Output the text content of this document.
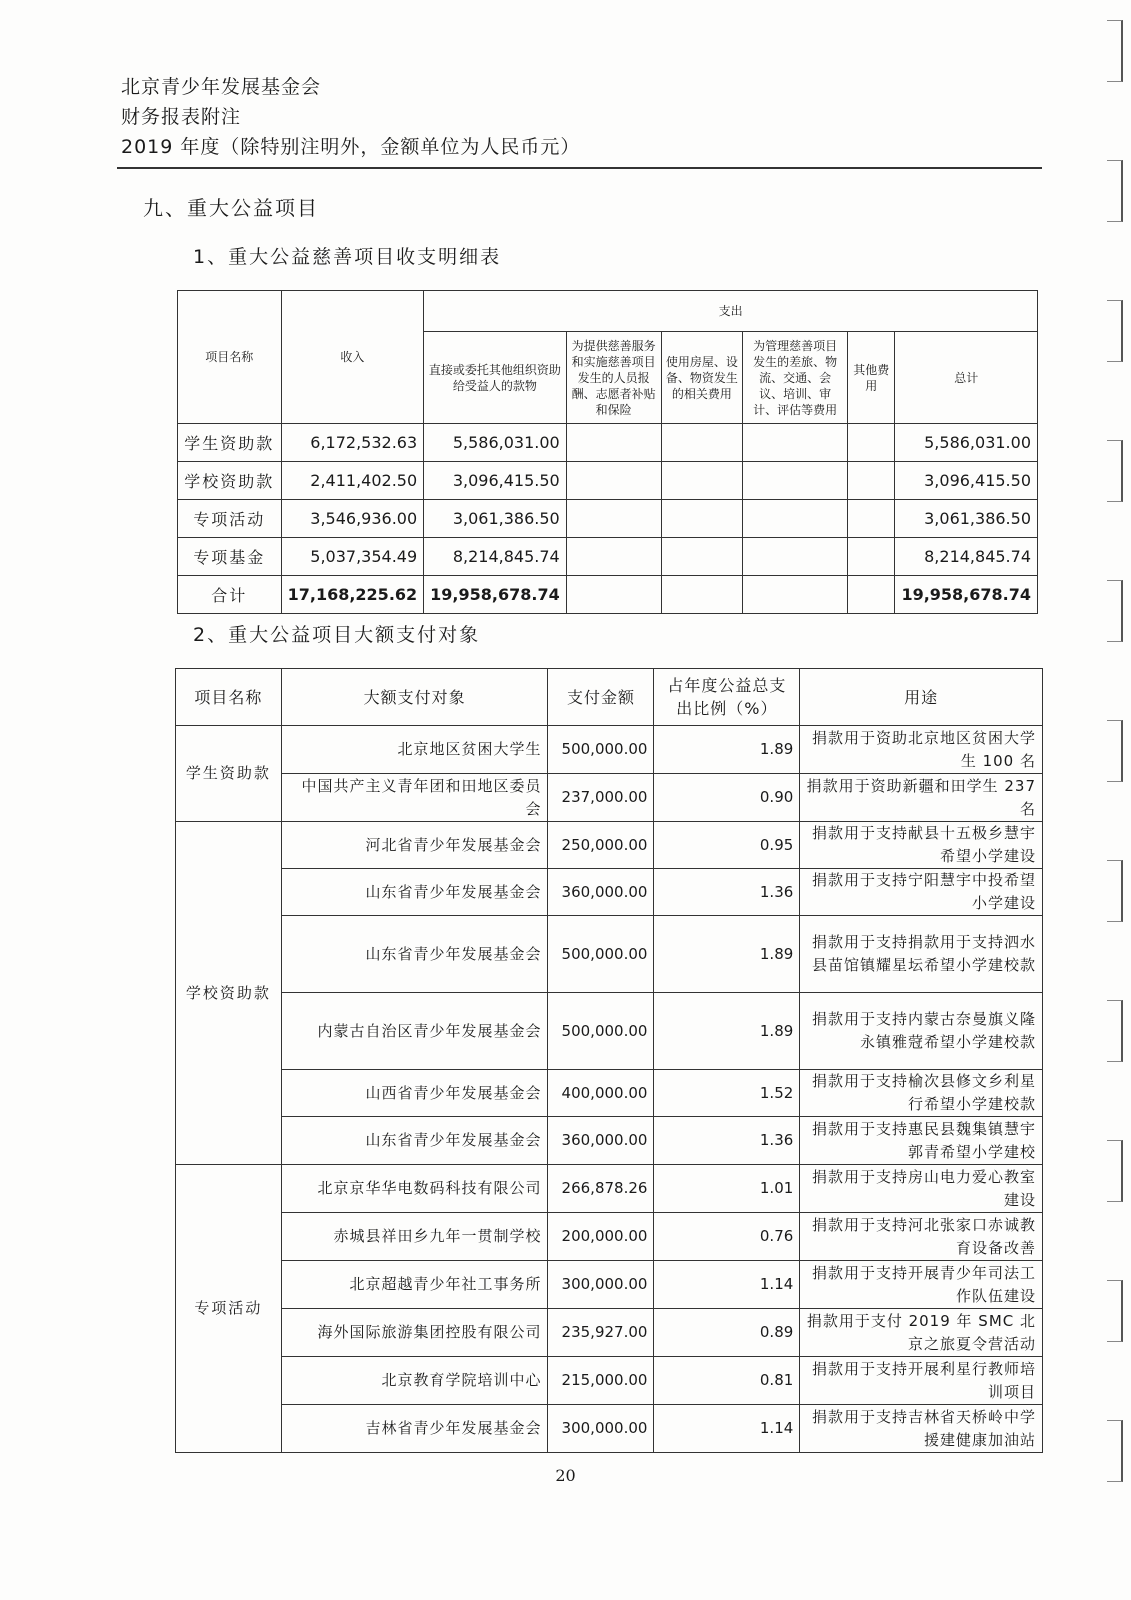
北京青少年发展基金会
财务报表附注
2019 年度（除特别注明外，金额单位为人民币元）
九、重大公益项目
1、重大公益慈善项目收支明细表
项目名称	收入	支出					
		直接或委托其他组织资助给受益人的款物	为提供慈善服务和实施慈善项目发生的人员报酬、志愿者补贴和保险	使用房屋、设备、物资发生的相关费用	为管理慈善项目发生的差旅、物流、交通、会议、培训、审计、评估等费用	其他费用	总计
学生资助款	6,172,532.63	5,586,031.00					5,586,031.00
学校资助款	2,411,402.50	3,096,415.50					3,096,415.50
专项活动	3,546,936.00	3,061,386.50					3,061,386.50
专项基金	5,037,354.49	8,214,845.74					8,214,845.74
合计	17,168,225.62	19,958,678.74					19,958,678.74
2、重大公益项目大额支付对象
项目名称	大额支付对象	支付金额	占年度公益总支出比例（%）	用途
学生资助款	北京地区贫困大学生	500,000.00	1.89	捐款用于资助北京地区贫困大学生 100 名
	中国共产主义青年团和田地区委员会	237,000.00	0.90	捐款用于资助新疆和田学生 237 名
学校资助款	河北省青少年发展基金会	250,000.00	0.95	捐款用于支持献县十五极乡慧宇希望小学建设
	山东省青少年发展基金会	360,000.00	1.36	捐款用于支持宁阳慧宇中投希望小学建设
	山东省青少年发展基金会	500,000.00	1.89	捐款用于支持捐款用于支持泗水县苗馆镇耀星坛希望小学建校款
	内蒙古自治区青少年发展基金会	500,000.00	1.89	捐款用于支持内蒙古奈曼旗义隆永镇雅蒄希望小学建校款
	山西省青少年发展基金会	400,000.00	1.52	捐款用于支持榆次县修文乡利星行希望小学建校款
	山东省青少年发展基金会	360,000.00	1.36	捐款用于支持惠民县魏集镇慧宇郭青希望小学建校
专项活动	北京京华华电数码科技有限公司	266,878.26	1.01	捐款用于支持房山电力爱心教室建设
	赤城县祥田乡九年一贯制学校	200,000.00	0.76	捐款用于支持河北张家口赤诚教育设备改善
	北京超越青少年社工事务所	300,000.00	1.14	捐款用于支持开展青少年司法工作队伍建设
	海外国际旅游集团控股有限公司	235,927.00	0.89	捐款用于支付 2019 年 SMC 北京之旅夏令营活动
	北京教育学院培训中心	215,000.00	0.81	捐款用于支持开展利星行教师培训项目
	吉林省青少年发展基金会	300,000.00	1.14	捐款用于支持吉林省天桥岭中学援建健康加油站
20
